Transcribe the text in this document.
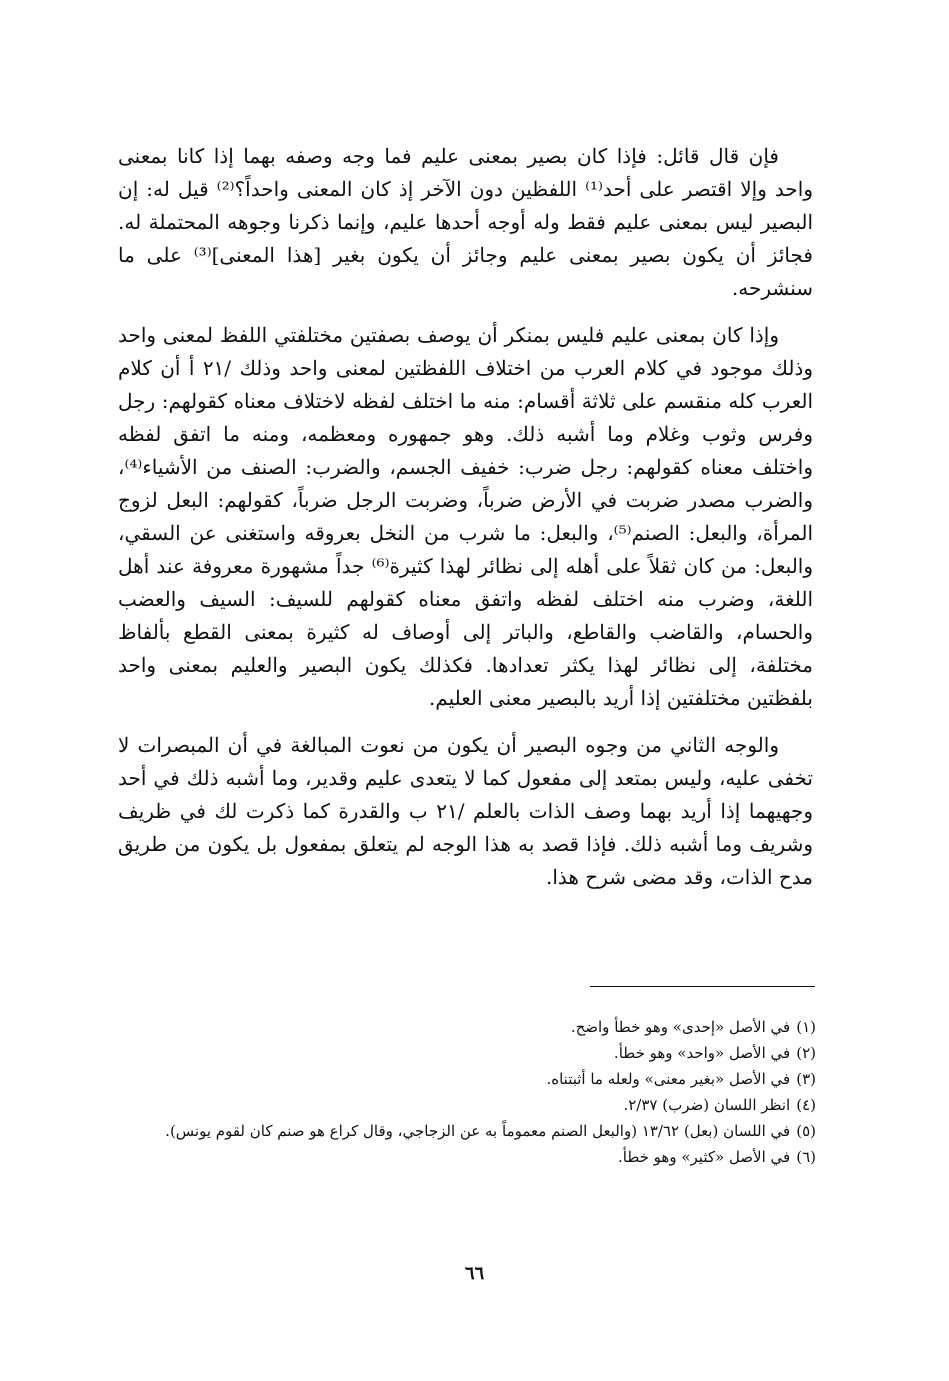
فإن قال قائل: فإذا كان بصير بمعنى عليم فما وجه وصفه بهما إذا كانا بمعنى واحد وإلا اقتصر على أحد⁽¹⁾ اللفظين دون الآخر إذ كان المعنى واحداً؟⁽²⁾ قيل له: إن البصير ليس بمعنى عليم فقط وله أوجه أحدها عليم، وإنما ذكرنا وجوهه المحتملة له. فجائز أن يكون بصير بمعنى عليم وجائز أن يكون بغير [هذا المعنى]⁽³⁾ على ما سنشرحه.

وإذا كان بمعنى عليم فليس بمنكر أن يوصف بصفتين مختلفتي اللفظ لمعنى واحد وذلك موجود في كلام العرب من اختلاف اللفظتين لمعنى واحد وذلك ‎/٢١ أ أن كلام العرب كله منقسم على ثلاثة أقسام: منه ما اختلف لفظه لاختلاف معناه كقولهم: رجل وفرس وثوب وغلام وما أشبه ذلك. وهو جمهوره ومعظمه، ومنه ما اتفق لفظه واختلف معناه كقولهم: رجل ضرب: خفيف الجسم، والضرب: الصنف من الأشياء⁽⁴⁾، والضرب مصدر ضربت في الأرض ضرباً، وضربت الرجل ضرباً، كقولهم: البعل لزوج المرأة، والبعل: الصنم⁽⁵⁾، والبعل: ما شرب من النخل بعروقه واستغنى عن السقي، والبعل: من كان ثقلاً على أهله إلى نظائر لهذا كثيرة⁽⁶⁾ جداً مشهورة معروفة عند أهل اللغة، وضرب منه اختلف لفظه واتفق معناه كقولهم للسيف: السيف والعضب والحسام، والقاضب والقاطع، والباتر إلى أوصاف له كثيرة بمعنى القطع بألفاظ مختلفة، إلى نظائر لهذا يكثر تعدادها. فكذلك يكون البصير والعليم بمعنى واحد بلفظتين مختلفتين إذا أريد بالبصير معنى العليم.

والوجه الثاني من وجوه البصير أن يكون من نعوت المبالغة في أن المبصرات لا تخفى عليه، وليس بمتعد إلى مفعول كما لا يتعدى عليم وقدير، وما أشبه ذلك في أحد وجهيهما إذا أريد بهما وصف الذات بالعلم ‎/٢١ ب والقدرة كما ذكرت لك في ظريف وشريف وما أشبه ذلك. فإذا قصد به هذا الوجه لم يتعلق بمفعول بل يكون من طريق مدح الذات، وقد مضى شرح هذا.

(١)
في الأصل «إحدى» وهو خطأ واضح.
(٢)
في الأصل «واحد» وهو خطأ.
(٣)
في الأصل «بغير معنى» ولعله ما أثبتناه.
(٤)
انظر اللسان (ضرب) ٢/٣٧.
(٥)
في اللسان (بعل) ١٣/٦٢ (والبعل الصنم معموماً به عن الزجاجي، وقال كراع هو صنم كان لقوم يونس).
(٦)
في الأصل «كثير» وهو خطأ.
٦٦
